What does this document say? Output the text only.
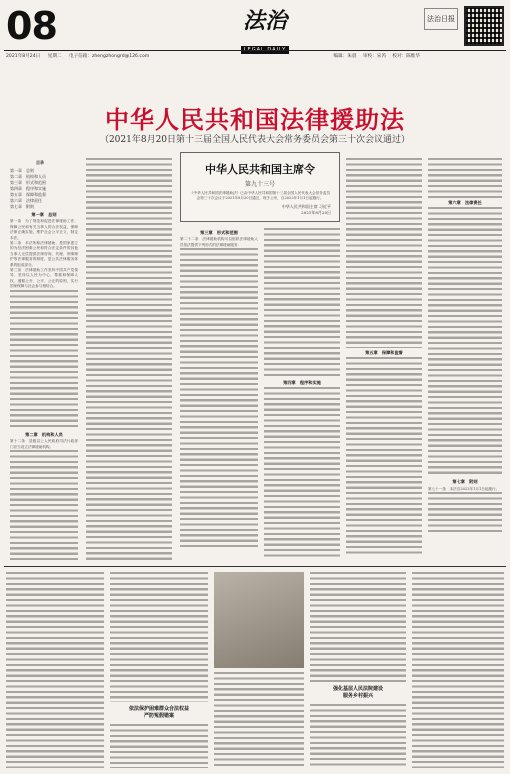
08	法治
LEGAL DAILY
法治日报
2021年8月24日 星期二 电子信箱：zhengzhongrd@126.com	编辑：朱晨 审校：宋芮 校对：陈维华
中华人民共和国法律援助法
（2021年8月20日第十三届全国人民代表大会常务委员会第三十次会议通过）
目录
第一章　总则
第二章　机构和人员
第三章　形式和范围
第四章　程序和实施
第五章　保障和监督
第六章　法律责任
第七章　附则
第一章　总则
第一条　为了规范和促进法律援助工作，保障公民和有关当事人的合法权益，保障法律正确实施，维护社会公平正义，制定本法。
第二条　本法所称法律援助，是国家建立的为经济困难公民和符合法定条件的其他当事人无偿提供法律咨询、代理、刑事辩护等法律服务的制度，是公共法律服务体系的组成部分。
第三条　法律援助工作坚持中国共产党领导，坚持以人民为中心，尊重和保障人权，遵循公开、公平、公正的原则，实行国家保障与社会参与相结合。
第二章　机构和人员
第十二条　县级以上人民政府司法行政部门应当设立法律援助机构。
中华人民共和国主席令
第九十三号
《中华人民共和国法律援助法》已由中华人民共和国第十三届全国人民代表大会常务委员会第三十次会议于2021年8月20日通过，现予公布，自2022年1月1日起施行。
中华人民共和国主席 习近平
2021年8月20日
第三章　形式和范围
第二十二条　法律援助机构可以组织法律援助人员依法提供下列形式的法律援助服务：
第四章　程序和实施
第五章　保障和监督
第六章　法律责任
第七章　附则
第七十一条　本法自2022年1月1日起施行。
依法保护困难群众合法权益
严防冤假错案
强化基层人民法院建设
服务乡村振兴
